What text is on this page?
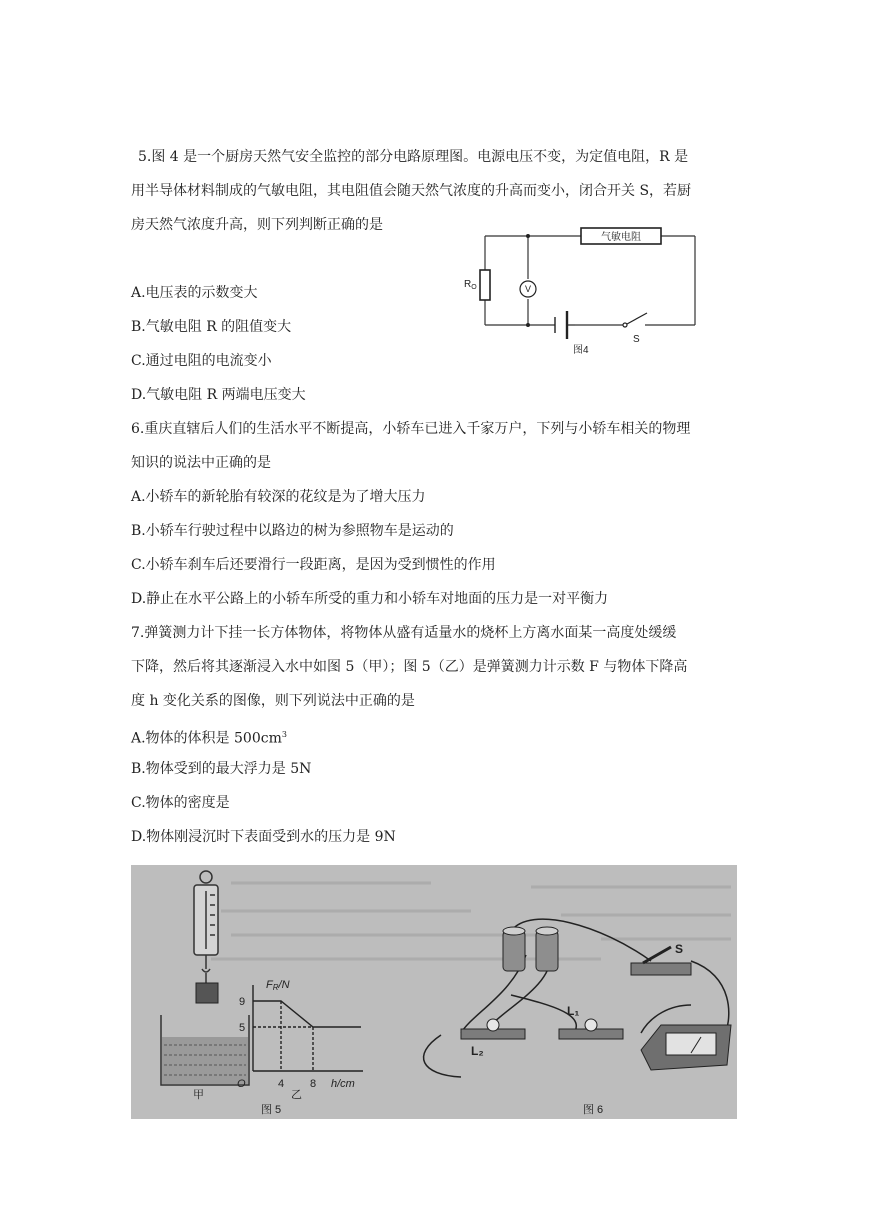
5.图 4 是一个厨房天然气安全监控的部分电路原理图。电源电压不变，为定值电阻，R 是
用半导体材料制成的气敏电阻，其电阻值会随天然气浓度的升高而变小，闭合开关 S，若厨
房天然气浓度升高，则下列判断正确的是
A.电压表的示数变大
B.气敏电阻 R 的阻值变大
C.通过电阻的电流变小
D.气敏电阻 R 两端电压变大
气敏电阻
$R_O$	V
S
图4
6.重庆直辖后人们的生活水平不断提高，小轿车已进入千家万户，下列与小轿车相关的物理
知识的说法中正确的是
A.小轿车的新轮胎有较深的花纹是为了增大压力
B.小轿车行驶过程中以路边的树为参照物车是运动的
C.小轿车刹车后还要滑行一段距离，是因为受到惯性的作用
D.静止在水平公路上的小轿车所受的重力和小轿车对地面的压力是一对平衡力
7.弹簧测力计下挂一长方体物体，将物体从盛有适量水的烧杯上方离水面某一高度处缓缓
下降，然后将其逐渐浸入水中如图 5（甲）；图 5（乙）是弹簧测力计示数 F 与物体下降高
度 h 变化关系的图像，则下列说法中正确的是
A.物体的体积是 $500cm^3$
B.物体受到的最大浮力是 5N
C.物体的密度是
D.物体刚浸沉时下表面受到水的压力是 9N
甲
FR/N
9
5
O	4 8 h/cm
乙
图 5
S
L₂
L₁
图 6
